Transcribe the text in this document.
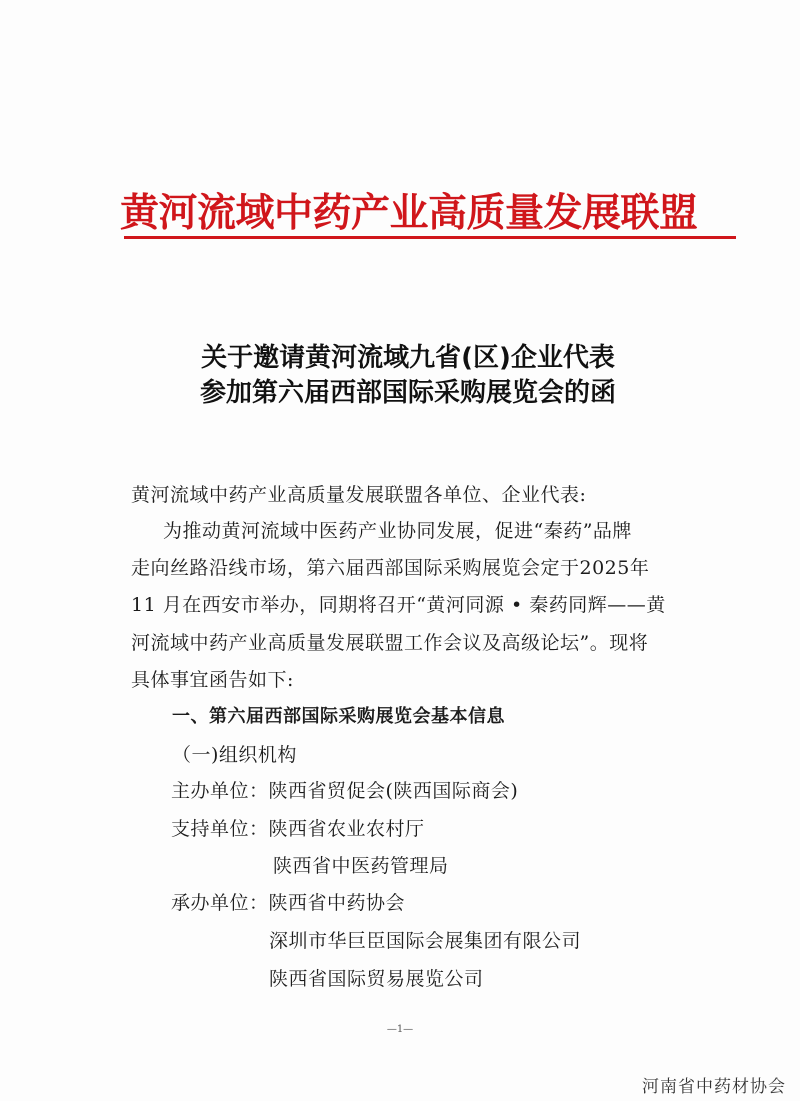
黄河流域中药产业高质量发展联盟
关于邀请黄河流域九省(区)企业代表
参加第六届西部国际采购展览会的函
黄河流域中药产业高质量发展联盟各单位、企业代表:
为推动黄河流域中医药产业协同发展，促进“秦药”品牌
走向丝路沿线市场，第六届西部国际采购展览会定于2025年
11 月在西安市举办，同期将召开“黄河同源 • 秦药同辉——黄
河流域中药产业高质量发展联盟工作会议及高级论坛”。现将
具体事宜函告如下:
一、第六届西部国际采购展览会基本信息
（一)组织机构
主办单位：陕西省贸促会(陕西国际商会)
支持单位：陕西省农业农村厅
陕西省中医药管理局
承办单位：陕西省中药协会
深圳市华巨臣国际会展集团有限公司
陕西省国际贸易展览公司
—1—
河南省中药材协会
